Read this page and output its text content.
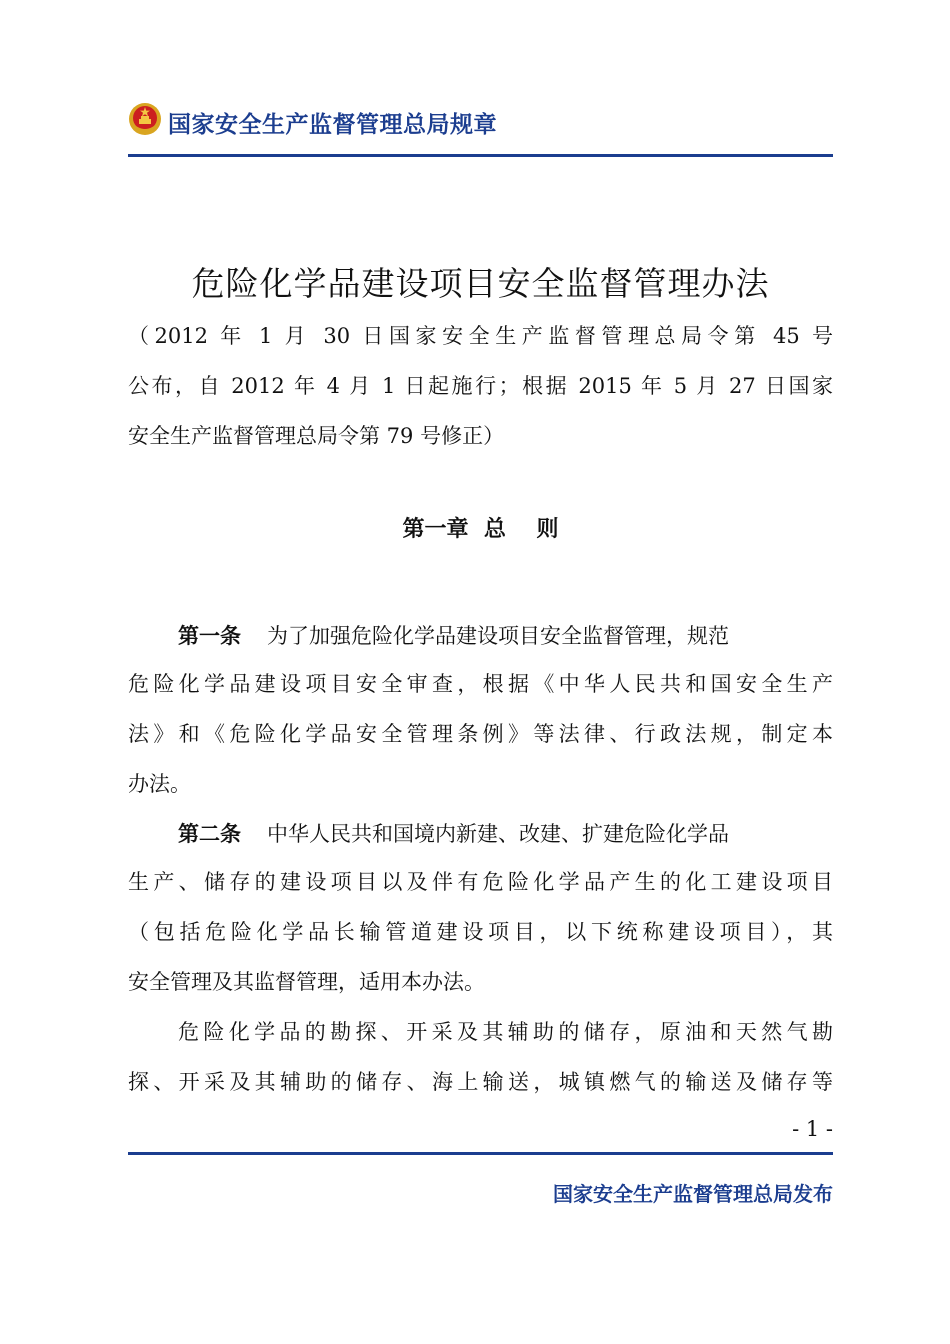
国家安全生产监督管理总局规章
危险化学品建设项目安全监督管理办法
（2012 年 1 月 30 日国家安全生产监督管理总局令第 45 号
公布，自 2012 年 4 月 1 日起施行；根据 2015 年 5 月 27 日国家
安全生产监督管理总局令第 79 号修正）
第一章  总    则
第一条 为了加强危险化学品建设项目安全监督管理，规范
危险化学品建设项目安全审查，根据《中华人民共和国安全生产
法》和《危险化学品安全管理条例》等法律、行政法规，制定本
办法。
第二条 中华人民共和国境内新建、改建、扩建危险化学品
生产、储存的建设项目以及伴有危险化学品产生的化工建设项目
（包括危险化学品长输管道建设项目，以下统称建设项目），其
安全管理及其监督管理，适用本办法。
危险化学品的勘探、开采及其辅助的储存，原油和天然气勘
探、开采及其辅助的储存、海上输送，城镇燃气的输送及储存等
- 1 -
国家安全生产监督管理总局发布
